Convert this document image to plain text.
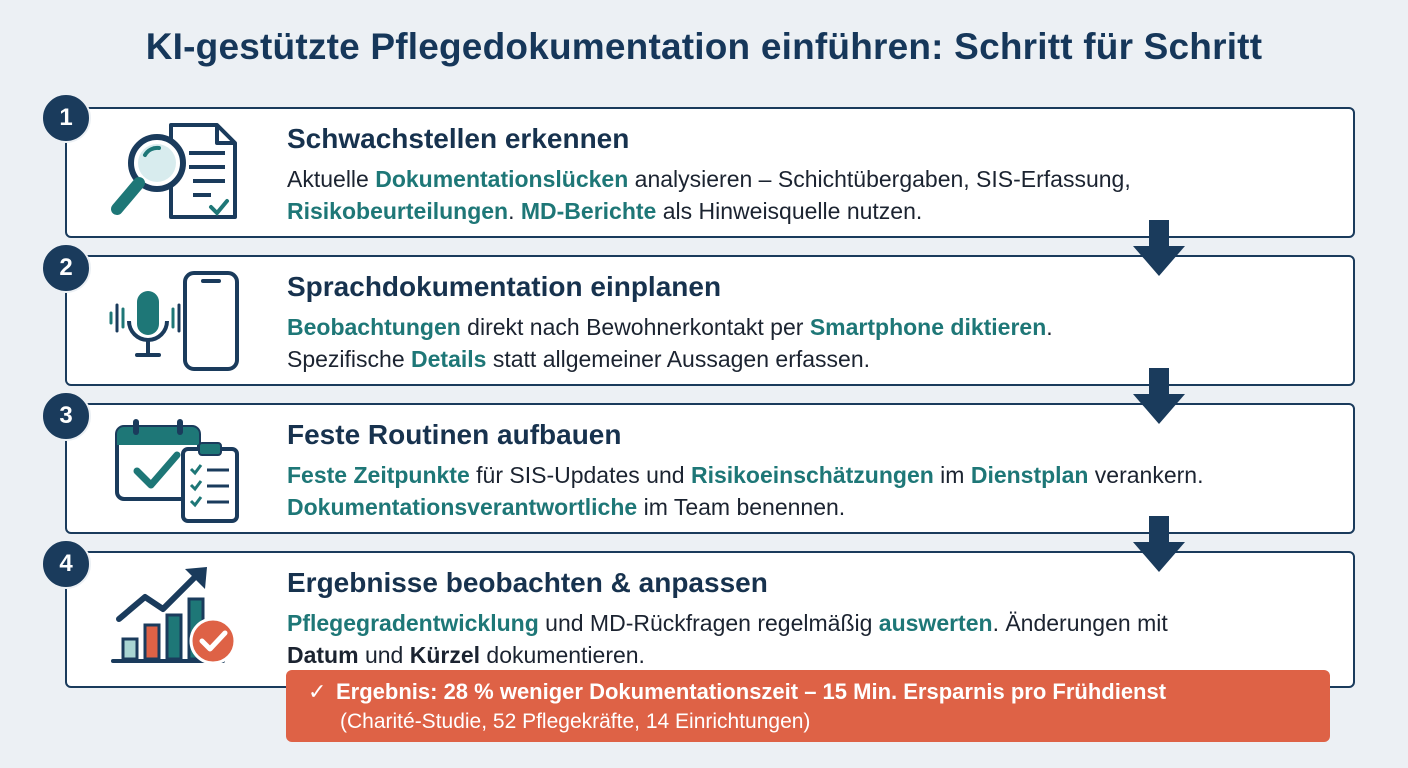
KI-gestützte Pflegedokumentation einführen: Schritt für Schritt
Schwachstellen erkennen
Aktuelle Dokumentationslücken analysieren – Schichtübergaben, SIS-Erfassung,
Risikobeurteilungen. MD-Berichte als Hinweisquelle nutzen.
1
Sprachdokumentation einplanen
Beobachtungen direkt nach Bewohnerkontakt per Smartphone diktieren.
Spezifische Details statt allgemeiner Aussagen erfassen.
2
Feste Routinen aufbauen
Feste Zeitpunkte für SIS-Updates und Risikoeinschätzungen im Dienstplan verankern.
Dokumentationsverantwortliche im Team benennen.
3
Ergebnisse beobachten & anpassen
Pflegegradentwicklung und MD-Rückfragen regelmäßig auswerten. Änderungen mit
Datum und Kürzel dokumentieren.
4
✓ Ergebnis: 28 % weniger Dokumentationszeit – 15 Min. Ersparnis pro Frühdienst
(Charité-Studie, 52 Pflegekräfte, 14 Einrichtungen)
